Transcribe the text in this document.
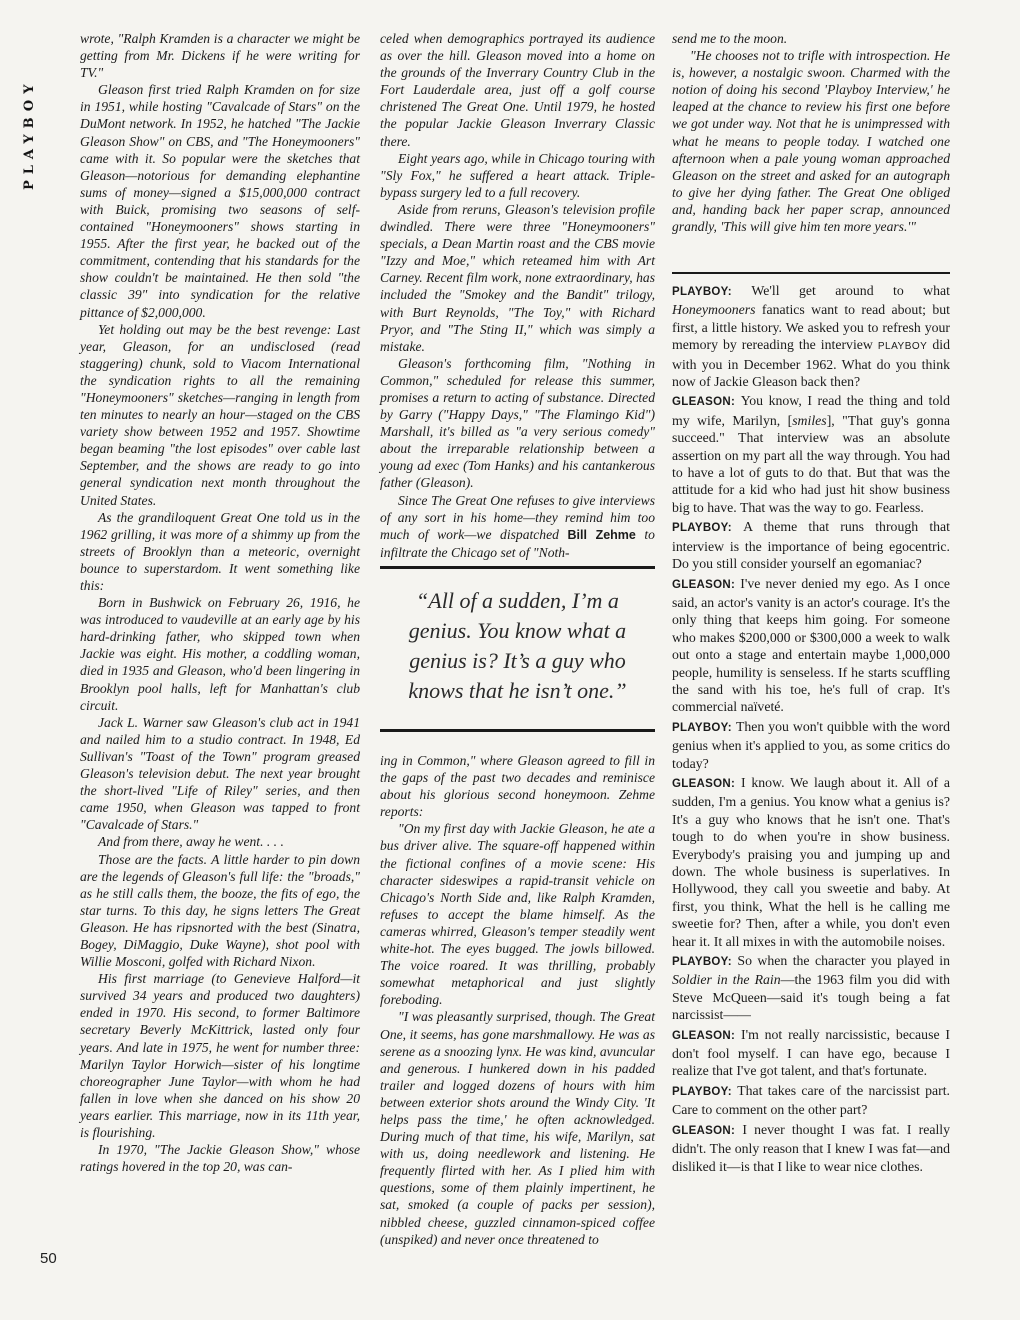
PLAYBOY

wrote, "Ralph Kramden is a character we might be getting from Mr. Dickens if he were writing for TV."

Gleason first tried Ralph Kramden on for size in 1951, while hosting "Cavalcade of Stars" on the DuMont network. In 1952, he hatched "The Jackie Gleason Show" on CBS, and "The Honeymooners" came with it. So popular were the sketches that Gleason—notorious for demanding elephantine sums of money—signed a $15,000,000 contract with Buick, promising two seasons of self-contained "Honeymooners" shows starting in 1955. After the first year, he backed out of the commitment, contending that his standards for the show couldn't be maintained. He then sold "the classic 39" into syndication for the relative pittance of $2,000,000.

Yet holding out may be the best revenge: Last year, Gleason, for an undisclosed (read staggering) chunk, sold to Viacom International the syndication rights to all the remaining "Honeymooners" sketches—ranging in length from ten minutes to nearly an hour—staged on the CBS variety show between 1952 and 1957. Showtime began beaming "the lost episodes" over cable last September, and the shows are ready to go into general syndication next month throughout the United States.

As the grandiloquent Great One told us in the 1962 grilling, it was more of a shimmy up from the streets of Brooklyn than a meteoric, overnight bounce to superstardom. It went something like this:

Born in Bushwick on February 26, 1916, he was introduced to vaudeville at an early age by his hard-drinking father, who skipped town when Jackie was eight. His mother, a coddling woman, died in 1935 and Gleason, who'd been lingering in Brooklyn pool halls, left for Manhattan's club circuit.

Jack L. Warner saw Gleason's club act in 1941 and nailed him to a studio contract. In 1948, Ed Sullivan's "Toast of the Town" program greased Gleason's television debut. The next year brought the short-lived "Life of Riley" series, and then came 1950, when Gleason was tapped to front "Cavalcade of Stars."

And from there, away he went. . . .

Those are the facts. A little harder to pin down are the legends of Gleason's full life: the "broads," as he still calls them, the booze, the fits of ego, the star turns. To this day, he signs letters The Great Gleason. He has ripsnorted with the best (Sinatra, Bogey, DiMaggio, Duke Wayne), shot pool with Willie Mosconi, golfed with Richard Nixon.

His first marriage (to Genevieve Halford—it survived 34 years and produced two daughters) ended in 1970. His second, to former Baltimore secretary Beverly McKittrick, lasted only four years. And late in 1975, he went for number three: Marilyn Taylor Horwich—sister of his longtime choreographer June Taylor—with whom he had fallen in love when she danced on his show 20 years earlier. This marriage, now in its 11th year, is flourishing.

In 1970, "The Jackie Gleason Show," whose ratings hovered in the top 20, was can-

celed when demographics portrayed its audience as over the hill. Gleason moved into a home on the grounds of the Inverrary Country Club in the Fort Lauderdale area, just off a golf course christened The Great One. Until 1979, he hosted the popular Jackie Gleason Inverrary Classic there.

Eight years ago, while in Chicago touring with "Sly Fox," he suffered a heart attack. Triple-bypass surgery led to a full recovery.

Aside from reruns, Gleason's television profile dwindled. There were three "Honeymooners" specials, a Dean Martin roast and the CBS movie "Izzy and Moe," which reteamed him with Art Carney. Recent film work, none extraordinary, has included the "Smokey and the Bandit" trilogy, with Burt Reynolds, "The Toy," with Richard Pryor, and "The Sting II," which was simply a mistake.

Gleason's forthcoming film, "Nothing in Common," scheduled for release this summer, promises a return to acting of substance. Directed by Garry ("Happy Days," "The Flamingo Kid") Marshall, it's billed as "a very serious comedy" about the irreparable relationship between a young ad exec (Tom Hanks) and his cantankerous father (Gleason).

Since The Great One refuses to give interviews of any sort in his home—they remind him too much of work—we dispatched Bill Zehme to infiltrate the Chicago set of "Noth-

“All of a sudden, I’m a genius. You know what a genius is? It’s a guy who knows that he isn’t one.”

ing in Common," where Gleason agreed to fill in the gaps of the past two decades and reminisce about his glorious second honeymoon. Zehme reports:

"On my first day with Jackie Gleason, he ate a bus driver alive. The square-off happened within the fictional confines of a movie scene: His character sideswipes a rapid-transit vehicle on Chicago's North Side and, like Ralph Kramden, refuses to accept the blame himself. As the cameras whirred, Gleason's temper steadily went white-hot. The eyes bugged. The jowls billowed. The voice roared. It was thrilling, probably somewhat metaphorical and just slightly foreboding.

"I was pleasantly surprised, though. The Great One, it seems, has gone marshmallowy. He was as serene as a snoozing lynx. He was kind, avuncular and generous. I hunkered down in his padded trailer and logged dozens of hours with him between exterior shots around the Windy City. 'It helps pass the time,' he often acknowledged. During much of that time, his wife, Marilyn, sat with us, doing needlework and listening. He frequently flirted with her. As I plied him with questions, some of them plainly impertinent, he sat, smoked (a couple of packs per session), nibbled cheese, guzzled cinnamon-spiced coffee (unspiked) and never once threatened to

send me to the moon.

"He chooses not to trifle with introspection. He is, however, a nostalgic swoon. Charmed with the notion of doing his second 'Playboy Interview,' he leaped at the chance to review his first one before we got under way. Not that he is unimpressed with what he means to people today. I watched one afternoon when a pale young woman approached Gleason on the street and asked for an autograph to give her dying father. The Great One obliged and, handing back her paper scrap, announced grandly, 'This will give him ten more years.'"

PLAYBOY: We'll get around to what Honeymooners fanatics want to read about; but first, a little history. We asked you to refresh your memory by rereading the interview PLAYBOY did with you in December 1962. What do you think now of Jackie Gleason back then?

GLEASON: You know, I read the thing and told my wife, Marilyn, [smiles], "That guy's gonna succeed." That interview was an absolute assertion on my part all the way through. You had to have a lot of guts to do that. But that was the attitude for a kid who had just hit show business big to have. That was the way to go. Fearless.

PLAYBOY: A theme that runs through that interview is the importance of being egocentric. Do you still consider yourself an egomaniac?

GLEASON: I've never denied my ego. As I once said, an actor's vanity is an actor's courage. It's the only thing that keeps him going. For someone who makes $200,000 or $300,000 a week to walk out onto a stage and entertain maybe 1,000,000 people, humility is senseless. If he starts scuffling the sand with his toe, he's full of crap. It's commercial naïveté.

PLAYBOY: Then you won't quibble with the word genius when it's applied to you, as some critics do today?

GLEASON: I know. We laugh about it. All of a sudden, I'm a genius. You know what a genius is? It's a guy who knows that he isn't one. That's tough to do when you're in show business. Everybody's praising you and jumping up and down. The whole business is superlatives. In Hollywood, they call you sweetie and baby. At first, you think, What the hell is he calling me sweetie for? Then, after a while, you don't even hear it. It all mixes in with the automobile noises.

PLAYBOY: So when the character you played in Soldier in the Rain—the 1963 film you did with Steve McQueen—said it's tough being a fat narcissist——

GLEASON: I'm not really narcissistic, because I don't fool myself. I can have ego, because I realize that I've got talent, and that's fortunate.

PLAYBOY: That takes care of the narcissist part. Care to comment on the other part?

GLEASON: I never thought I was fat. I really didn't. The only reason that I knew I was fat—and disliked it—is that I like to wear nice clothes.

50
